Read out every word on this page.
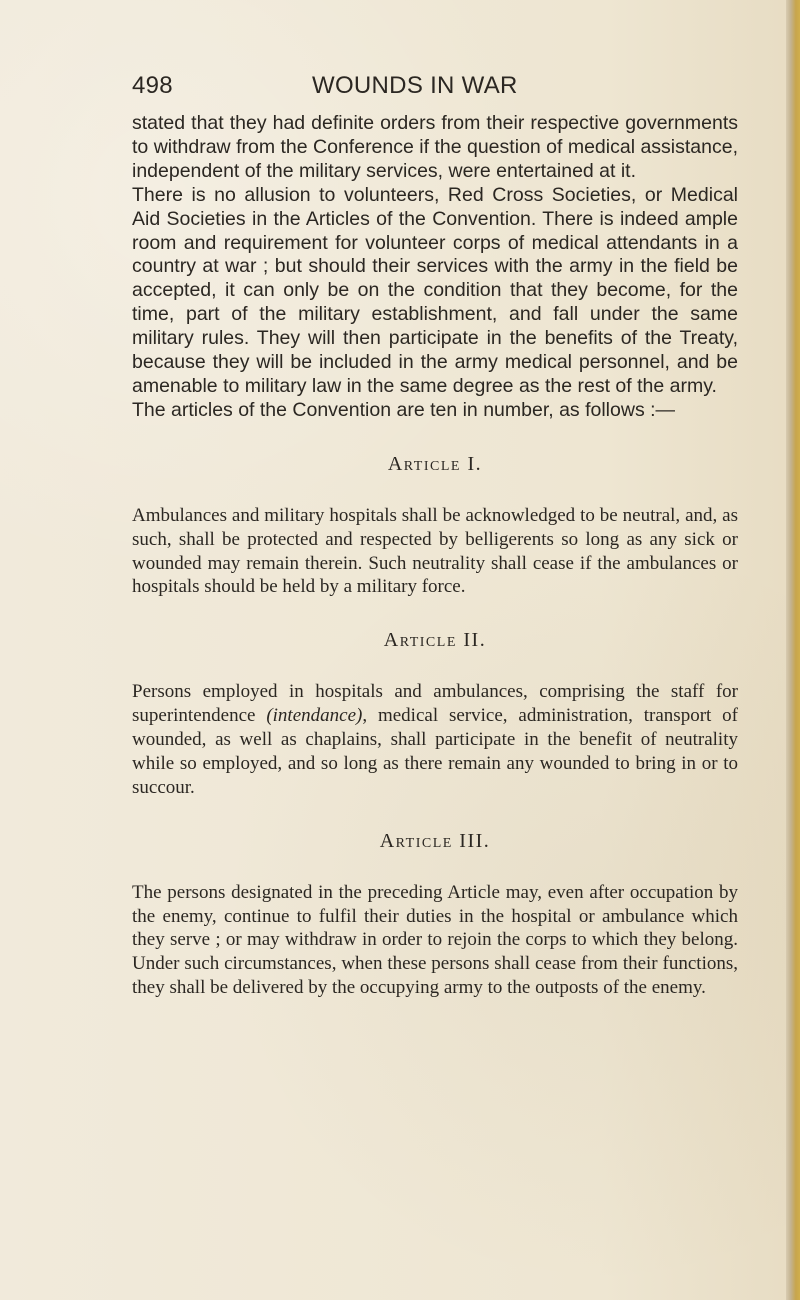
498	WOUNDS IN WAR

stated that they had definite orders from their respective governments to withdraw from the Conference if the question of medical assistance, independent of the military services, were entertained at it.

There is no allusion to volunteers, Red Cross Societies, or Medical Aid Societies in the Articles of the Convention. There is indeed ample room and requirement for volunteer corps of medical attendants in a country at war ; but should their services with the army in the field be accepted, it can only be on the condition that they become, for the time, part of the military establishment, and fall under the same military rules. They will then participate in the benefits of the Treaty, because they will be included in the army medical personnel, and be amenable to military law in the same degree as the rest of the army.

The articles of the Convention are ten in number, as follows :—

Article I.

Ambulances and military hospitals shall be acknowledged to be neutral, and, as such, shall be protected and respected by belligerents so long as any sick or wounded may remain therein. Such neutrality shall cease if the ambulances or hospitals should be held by a military force.

Article II.

Persons employed in hospitals and ambulances, comprising the staff for superintendence (intendance), medical service, administration, transport of wounded, as well as chaplains, shall participate in the benefit of neutrality while so employed, and so long as there remain any wounded to bring in or to succour.

Article III.

The persons designated in the preceding Article may, even after occupation by the enemy, continue to fulfil their duties in the hospital or ambulance which they serve ; or may withdraw in order to rejoin the corps to which they belong. Under such circumstances, when these persons shall cease from their functions, they shall be delivered by the occupying army to the outposts of the enemy.
